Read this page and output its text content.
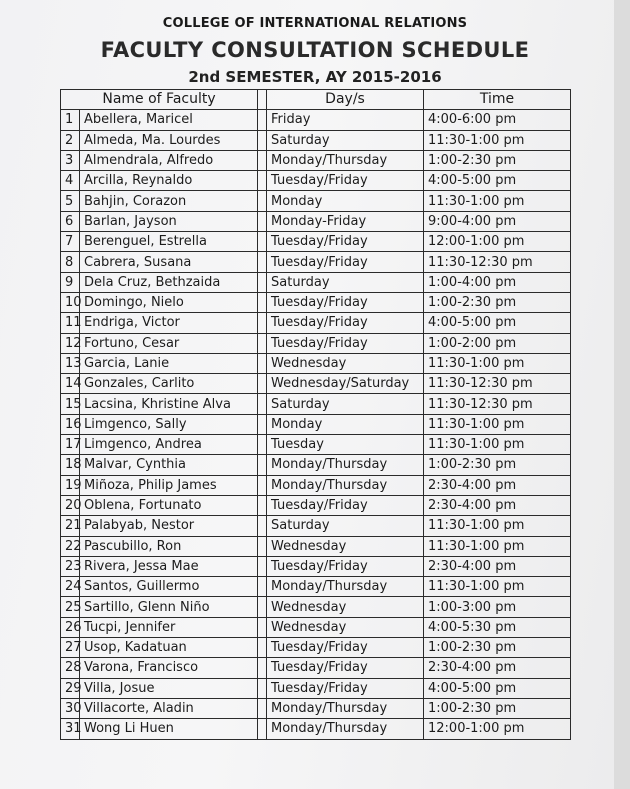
COLLEGE OF INTERNATIONAL RELATIONS
FACULTY CONSULTATION SCHEDULE
2nd SEMESTER, AY 2015-2016
Name of Faculty			Day/s	Time
1	Abellera, Maricel		Friday	4:00-6:00 pm
2	Almeda, Ma. Lourdes		Saturday	11:30-1:00 pm
3	Almendrala, Alfredo		Monday/Thursday	1:00-2:30 pm
4	Arcilla, Reynaldo		Tuesday/Friday	4:00-5:00 pm
5	Bahjin, Corazon		Monday	11:30-1:00 pm
6	Barlan, Jayson		Monday-Friday	9:00-4:00 pm
7	Berenguel, Estrella		Tuesday/Friday	12:00-1:00 pm
8	Cabrera, Susana		Tuesday/Friday	11:30-12:30 pm
9	Dela Cruz, Bethzaida		Saturday	1:00-4:00 pm
10	Domingo, Nielo		Tuesday/Friday	1:00-2:30 pm
11	Endriga, Victor		Tuesday/Friday	4:00-5:00 pm
12	Fortuno, Cesar		Tuesday/Friday	1:00-2:00 pm
13	Garcia, Lanie		Wednesday	11:30-1:00 pm
14	Gonzales, Carlito		Wednesday/Saturday	11:30-12:30 pm
15	Lacsina, Khristine Alva		Saturday	11:30-12:30 pm
16	Limgenco, Sally		Monday	11:30-1:00 pm
17	Limgenco, Andrea		Tuesday	11:30-1:00 pm
18	Malvar, Cynthia		Monday/Thursday	1:00-2:30 pm
19	Miñoza, Philip James		Monday/Thursday	2:30-4:00 pm
20	Oblena, Fortunato		Tuesday/Friday	2:30-4:00 pm
21	Palabyab, Nestor		Saturday	11:30-1:00 pm
22	Pascubillo, Ron		Wednesday	11:30-1:00 pm
23	Rivera, Jessa Mae		Tuesday/Friday	2:30-4:00 pm
24	Santos, Guillermo		Monday/Thursday	11:30-1:00 pm
25	Sartillo, Glenn Niño		Wednesday	1:00-3:00 pm
26	Tucpi, Jennifer		Wednesday	4:00-5:30 pm
27	Usop, Kadatuan		Tuesday/Friday	1:00-2:30 pm
28	Varona, Francisco		Tuesday/Friday	2:30-4:00 pm
29	Villa, Josue		Tuesday/Friday	4:00-5:00 pm
30	Villacorte, Aladin		Monday/Thursday	1:00-2:30 pm
31	Wong Li Huen		Monday/Thursday	12:00-1:00 pm
